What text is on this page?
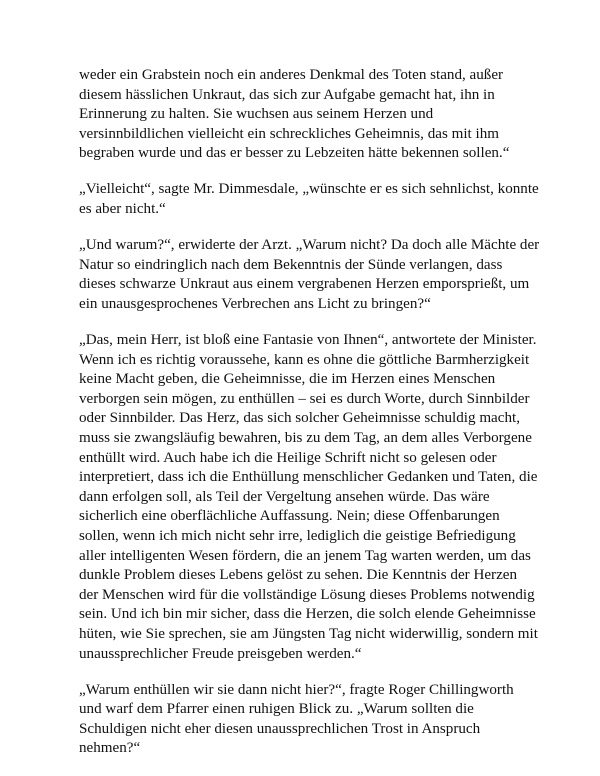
weder ein Grabstein noch ein anderes Denkmal des Toten stand, außer
diesem hässlichen Unkraut, das sich zur Aufgabe gemacht hat, ihn in
Erinnerung zu halten. Sie wuchsen aus seinem Herzen und
versinnbildlichen vielleicht ein schreckliches Geheimnis, das mit ihm
begraben wurde und das er besser zu Lebzeiten hätte bekennen sollen.“

„Vielleicht“, sagte Mr. Dimmesdale, „wünschte er es sich sehnlichst, konnte
es aber nicht.“

„Und warum?“, erwiderte der Arzt. „Warum nicht? Da doch alle Mächte der
Natur so eindringlich nach dem Bekenntnis der Sünde verlangen, dass
dieses schwarze Unkraut aus einem vergrabenen Herzen emporsprießt, um
ein unausgesprochenes Verbrechen ans Licht zu bringen?“

„Das, mein Herr, ist bloß eine Fantasie von Ihnen“, antwortete der Minister.
Wenn ich es richtig voraussehe, kann es ohne die göttliche Barmherzigkeit
keine Macht geben, die Geheimnisse, die im Herzen eines Menschen
verborgen sein mögen, zu enthüllen – sei es durch Worte, durch Sinnbilder
oder Sinnbilder. Das Herz, das sich solcher Geheimnisse schuldig macht,
muss sie zwangsläufig bewahren, bis zu dem Tag, an dem alles Verborgene
enthüllt wird. Auch habe ich die Heilige Schrift nicht so gelesen oder
interpretiert, dass ich die Enthüllung menschlicher Gedanken und Taten, die
dann erfolgen soll, als Teil der Vergeltung ansehen würde. Das wäre
sicherlich eine oberflächliche Auffassung. Nein; diese Offenbarungen
sollen, wenn ich mich nicht sehr irre, lediglich die geistige Befriedigung
aller intelligenten Wesen fördern, die an jenem Tag warten werden, um das
dunkle Problem dieses Lebens gelöst zu sehen. Die Kenntnis der Herzen
der Menschen wird für die vollständige Lösung dieses Problems notwendig
sein. Und ich bin mir sicher, dass die Herzen, die solch elende Geheimnisse
hüten, wie Sie sprechen, sie am Jüngsten Tag nicht widerwillig, sondern mit
unaussprechlicher Freude preisgeben werden.“

„Warum enthüllen wir sie dann nicht hier?“, fragte Roger Chillingworth
und warf dem Pfarrer einen ruhigen Blick zu. „Warum sollten die
Schuldigen nicht eher diesen unaussprechlichen Trost in Anspruch
nehmen?“
